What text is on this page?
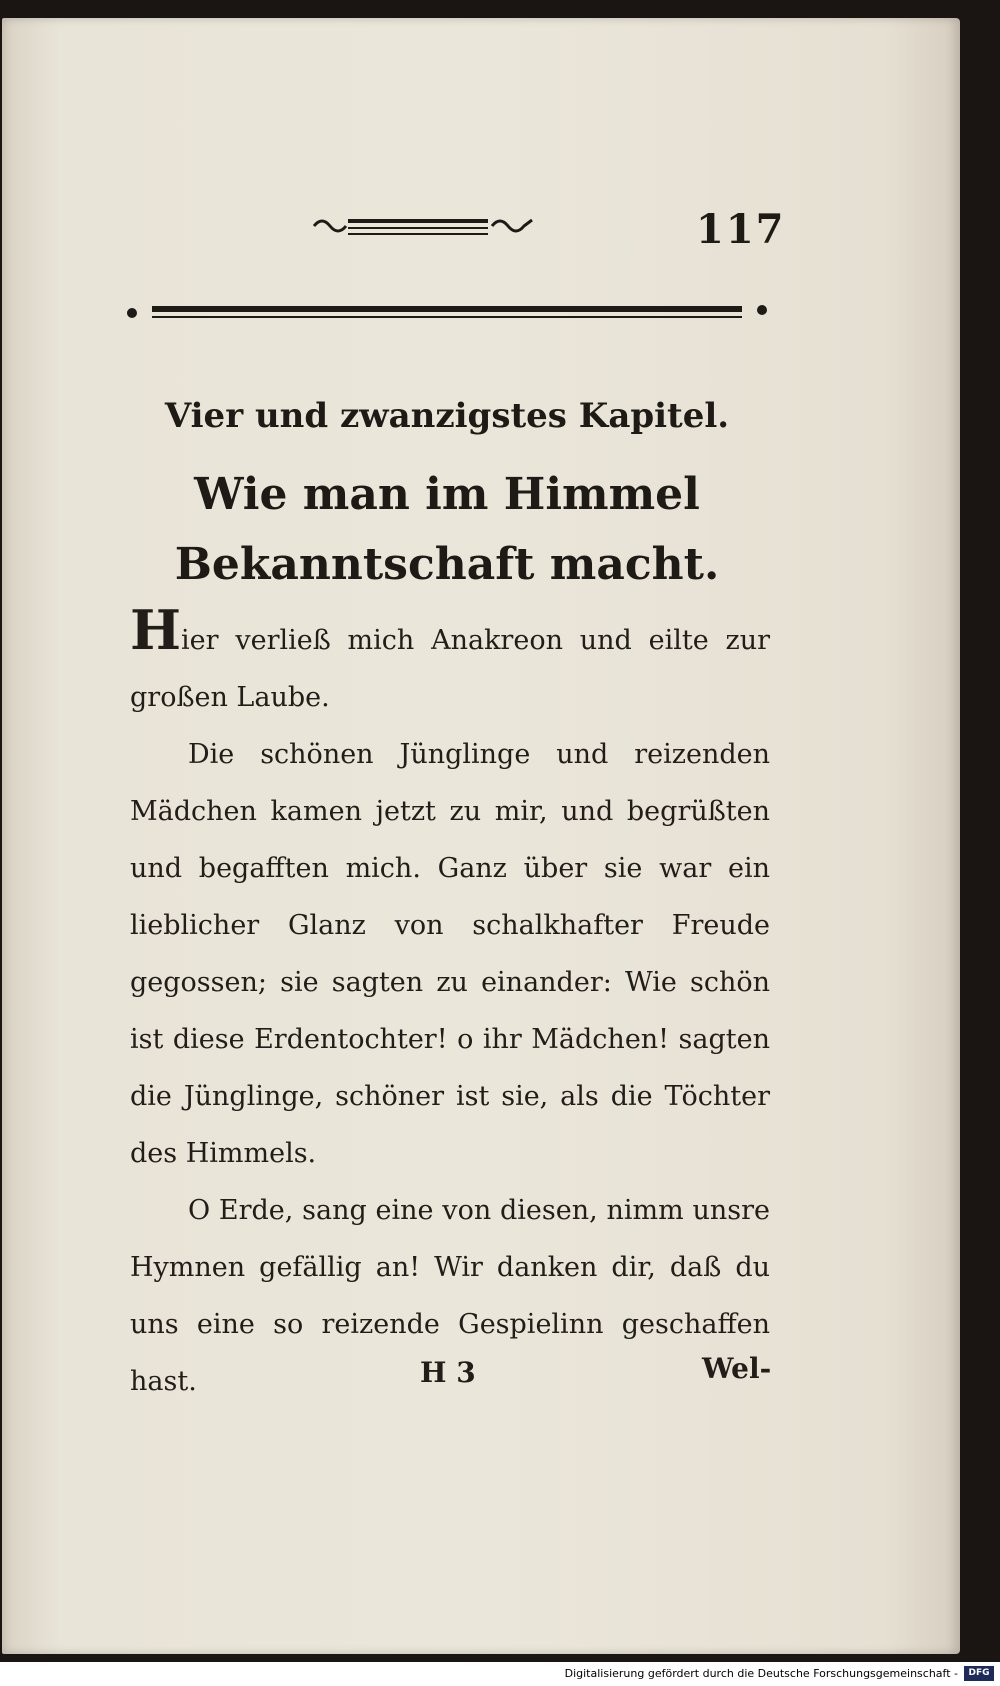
117
Vier und zwanzigstes Kapitel.
Wie man im Himmel Bekanntschaft macht.

Hier verließ mich Anakreon und eilte zur großen Laube.

Die schönen Jünglinge und reizenden Mädchen kamen jetzt zu mir, und begrüßten und begafften mich. Ganz über sie war ein lieblicher Glanz von schalkhafter Freude gegossen; sie sagten zu einander: Wie schön ist diese Erdentochter! o ihr Mädchen! sagten die Jünglinge, schöner ist sie, als die Töchter des Himmels.

O Erde, sang eine von diesen, nimm unsre Hymnen gefällig an! Wir danken dir, daß du uns eine so reizende Gespielinn geschaffen hast.	H 3	Wel-
Digitalisierung gefördert durch die Deutsche Forschungsgemeinschaft -	DFG
